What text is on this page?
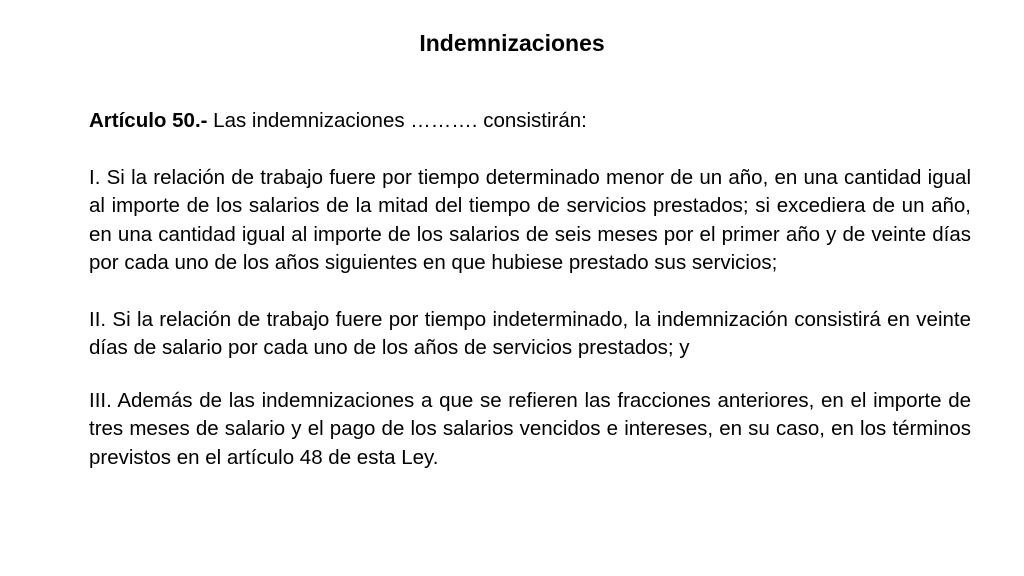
Indemnizaciones

Artículo 50.- Las indemnizaciones ………. consistirán:

I. Si la relación de trabajo fuere por tiempo determinado menor de un año, en una cantidad igual al importe de los salarios de la mitad del tiempo de servicios prestados; si excediera de un año, en una cantidad igual al importe de los salarios de seis meses por el primer año y de veinte días por cada uno de los años siguientes en que hubiese prestado sus servicios;

II. Si la relación de trabajo fuere por tiempo indeterminado, la indemnización consistirá en veinte días de salario por cada uno de los años de servicios prestados; y

III. Además de las indemnizaciones a que se refieren las fracciones anteriores, en el importe de tres meses de salario y el pago de los salarios vencidos e intereses, en su caso, en los términos previstos en el artículo 48 de esta Ley.
